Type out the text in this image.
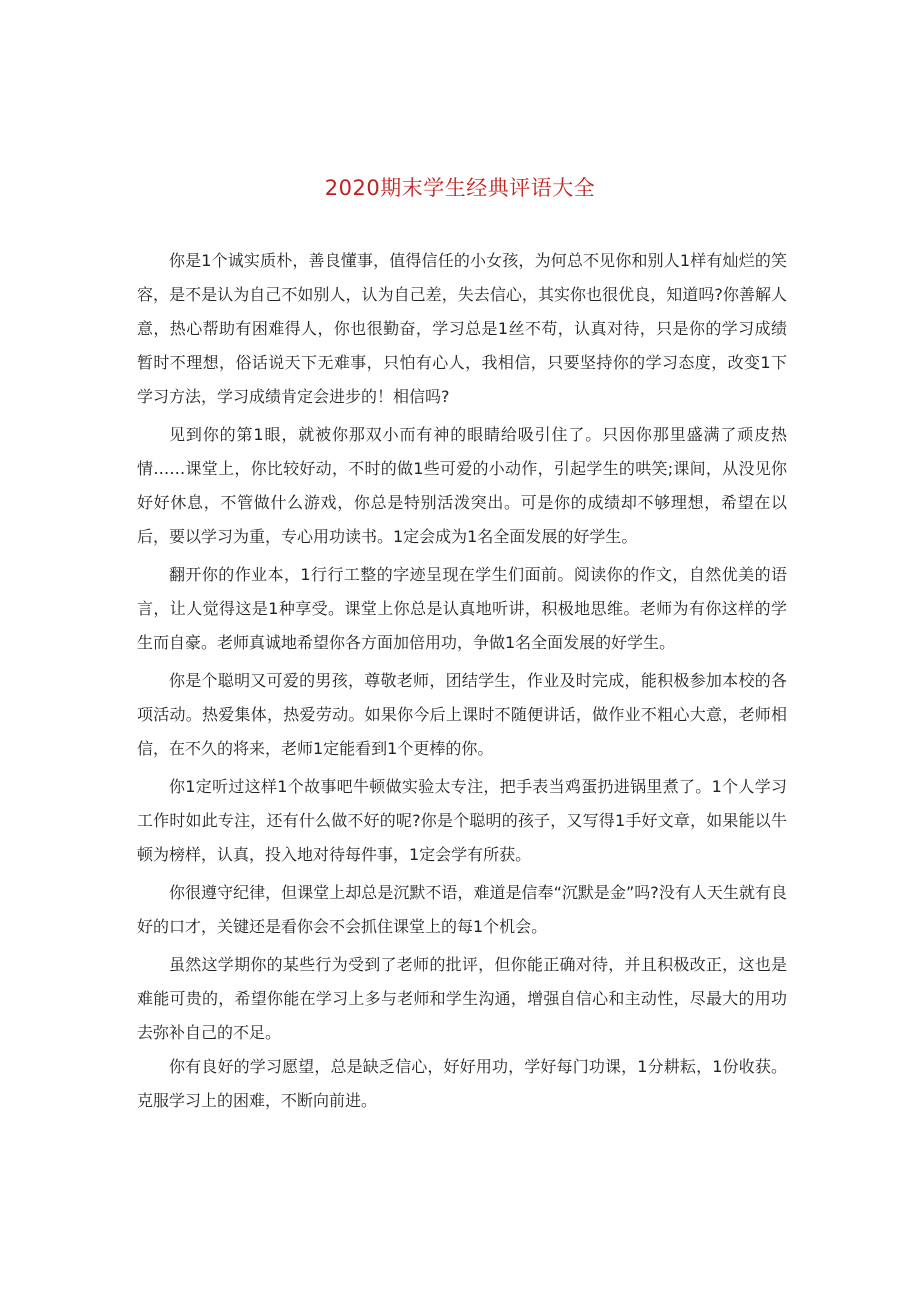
2020期末学生经典评语大全

你是1个诚实质朴，善良懂事，值得信任的小女孩，为何总不见你和别人1样有灿烂的笑容，是不是认为自己不如别人，认为自己差，失去信心，其实你也很优良，知道吗?你善解人意，热心帮助有困难得人，你也很勤奋，学习总是1丝不苟，认真对待，只是你的学习成绩暂时不理想，俗话说天下无难事，只怕有心人，我相信，只要坚持你的学习态度，改变1下学习方法，学习成绩肯定会进步的！相信吗?

见到你的第1眼，就被你那双小而有神的眼睛给吸引住了。只因你那里盛满了顽皮热情……课堂上，你比较好动，不时的做1些可爱的小动作，引起学生的哄笑;课间，从没见你好好休息，不管做什么游戏，你总是特别活泼突出。可是你的成绩却不够理想，希望在以后，要以学习为重，专心用功读书。1定会成为1名全面发展的好学生。

翻开你的作业本，1行行工整的字迹呈现在学生们面前。阅读你的作文，自然优美的语言，让人觉得这是1种享受。课堂上你总是认真地听讲，积极地思维。老师为有你这样的学生而自豪。老师真诚地希望你各方面加倍用功，争做1名全面发展的好学生。

你是个聪明又可爱的男孩，尊敬老师，团结学生，作业及时完成，能积极参加本校的各项活动。热爱集体，热爱劳动。如果你今后上课时不随便讲话，做作业不粗心大意，老师相信，在不久的将来，老师1定能看到1个更棒的你。

你1定听过这样1个故事吧牛顿做实验太专注，把手表当鸡蛋扔进锅里煮了。1个人学习工作时如此专注，还有什么做不好的呢?你是个聪明的孩子，又写得1手好文章，如果能以牛顿为榜样，认真，投入地对待每件事，1定会学有所获。

你很遵守纪律，但课堂上却总是沉默不语，难道是信奉“沉默是金”吗?没有人天生就有良好的口才，关键还是看你会不会抓住课堂上的每1个机会。

虽然这学期你的某些行为受到了老师的批评，但你能正确对待，并且积极改正，这也是难能可贵的，希望你能在学习上多与老师和学生沟通，增强自信心和主动性，尽最大的用功去弥补自己的不足。

你有良好的学习愿望，总是缺乏信心，好好用功，学好每门功课，1分耕耘，1份收获。克服学习上的困难，不断向前进。
